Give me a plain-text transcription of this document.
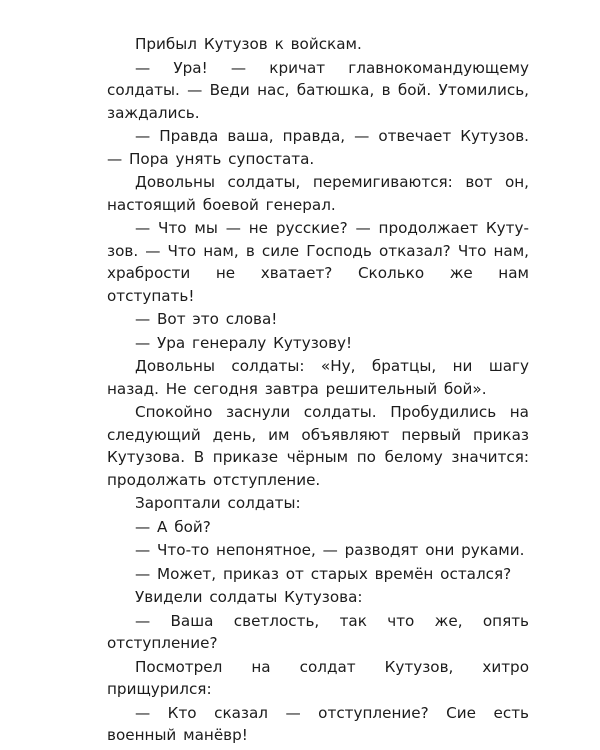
Прибыл Кутузов к войскам.

— Ура! — кричат главнокомандующему солдаты. — Веди нас, батюшка, в бой. Утомились, заждались.

— Правда ваша, правда, — отвечает Кутузов. — Пора унять супостата.

Довольны солдаты, перемигиваются: вот он, настоящий боевой генерал.

— Что мы — не русские? — продолжает Кутузов. — Что нам, в силе Господь отказал? Что нам, храбрости не хватает? Сколько же нам отступать!

— Вот это слова!

— Ура генералу Кутузову!

Довольны солдаты: «Ну, братцы, ни шагу назад. Не сегодня завтра решительный бой».

Спокойно заснули солдаты. Пробудились на следующий день, им объявляют первый приказ Кутузова. В приказе чёрным по белому значится: продолжать отступление.

Зароптали солдаты:

— А бой?

— Что-то непонятное, — разводят они руками.

— Может, приказ от старых времён остался?

Увидели солдаты Кутузова:

— Ваша светлость, так что же, опять отступление?

Посмотрел на солдат Кутузов, хитро прищурился:

— Кто сказал — отступление? Сие есть военный манёвр!
